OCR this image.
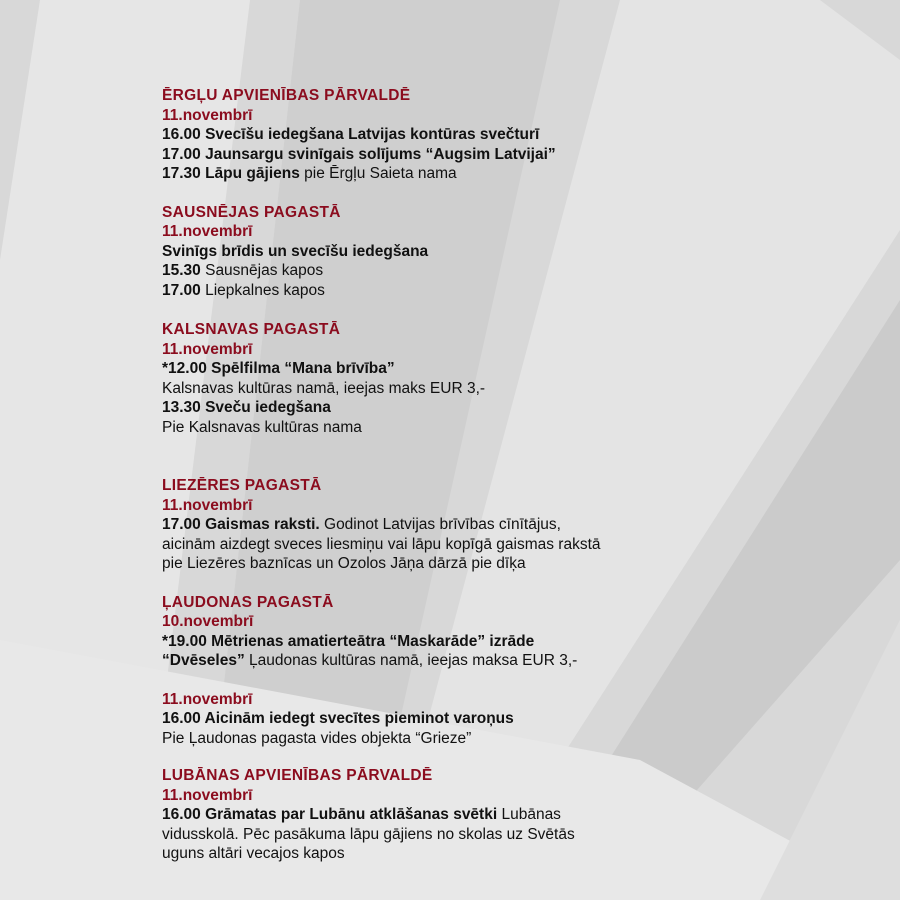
ĒRGĻU APVIENĪBAS PĀRVALDĒ
11.novembrī
16.00 Svecīšu iedegšana Latvijas kontūras svečturī
17.00 Jaunsargu svinīgais solījums “Augsim Latvijai”
17.30 Lāpu gājiens pie Ērgļu Saieta nama
SAUSNĒJAS PAGASTĀ
11.novembrī
Svinīgs brīdis un svecīšu iedegšana
15.30 Sausnējas kapos
17.00 Liepkalnes kapos
KALSNAVAS PAGASTĀ
11.novembrī
*12.00 Spēlfilma “Mana brīvība”
Kalsnavas kultūras namā, ieejas maks EUR 3,-
13.30 Sveču iedegšana
Pie Kalsnavas kultūras nama
LIEZĒRES PAGASTĀ
11.novembrī
17.00 Gaismas raksti. Godinot Latvijas brīvības cīnītājus,
aicinām aizdegt sveces liesmiņu vai lāpu kopīgā gaismas rakstā
pie Liezēres baznīcas un Ozolos Jāņa dārzā pie dīķa
ĻAUDONAS PAGASTĀ
10.novembrī
*19.00 Mētrienas amatierteātra “Maskarāde” izrāde
“Dvēseles” Ļaudonas kultūras namā, ieejas maksa EUR 3,-
11.novembrī
16.00 Aicinām iedegt svecītes pieminot varoņus
Pie Ļaudonas pagasta vides objekta “Grieze”
LUBĀNAS APVIENĪBAS PĀRVALDĒ
11.novembrī
16.00 Grāmatas par Lubānu atklāšanas svētki Lubānas
vidusskolā. Pēc pasākuma lāpu gājiens no skolas uz Svētās
uguns altāri vecajos kapos
